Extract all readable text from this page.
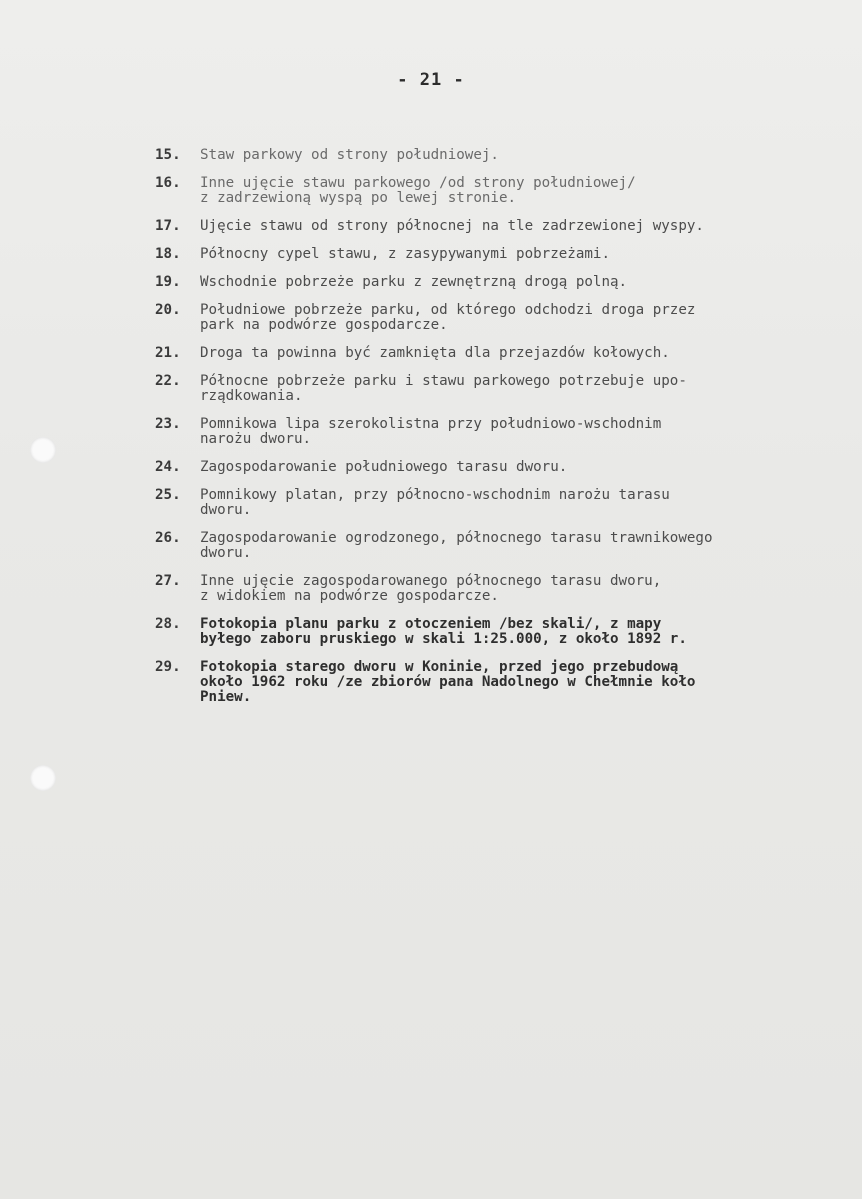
- 21 -
15.	Staw parkowy od strony południowej.
16.	Inne ujęcie stawu parkowego /od strony południowej/
z zadrzewioną wyspą po lewej stronie.
17.	Ujęcie stawu od strony północnej na tle zadrzewionej wyspy.
18.	Północny cypel stawu, z zasypywanymi pobrzeżami.
19.	Wschodnie pobrzeże parku z zewnętrzną drogą polną.
20.	Południowe pobrzeże parku, od którego odchodzi droga przez
park na podwórze gospodarcze.
21.	Droga ta powinna być zamknięta dla przejazdów kołowych.
22.	Północne pobrzeże parku i stawu parkowego potrzebuje upo-
rządkowania.
23.	Pomnikowa lipa szerokolistna przy południowo-wschodnim
narożu dworu.
24.	Zagospodarowanie południowego tarasu dworu.
25.	Pomnikowy platan, przy północno-wschodnim narożu tarasu
dworu.
26.	Zagospodarowanie ogrodzonego, północnego tarasu trawnikowego
dworu.
27.	Inne ujęcie zagospodarowanego północnego tarasu dworu,
z widokiem na podwórze gospodarcze.
28.	Fotokopia planu parku z otoczeniem /bez skali/, z mapy
byłego zaboru pruskiego w skali 1:25.000, z około 1892 r.
29.	Fotokopia starego dworu w Koninie, przed jego przebudową
około 1962 roku /ze zbiorów pana Nadolnego w Chełmnie koło
Pniew.
